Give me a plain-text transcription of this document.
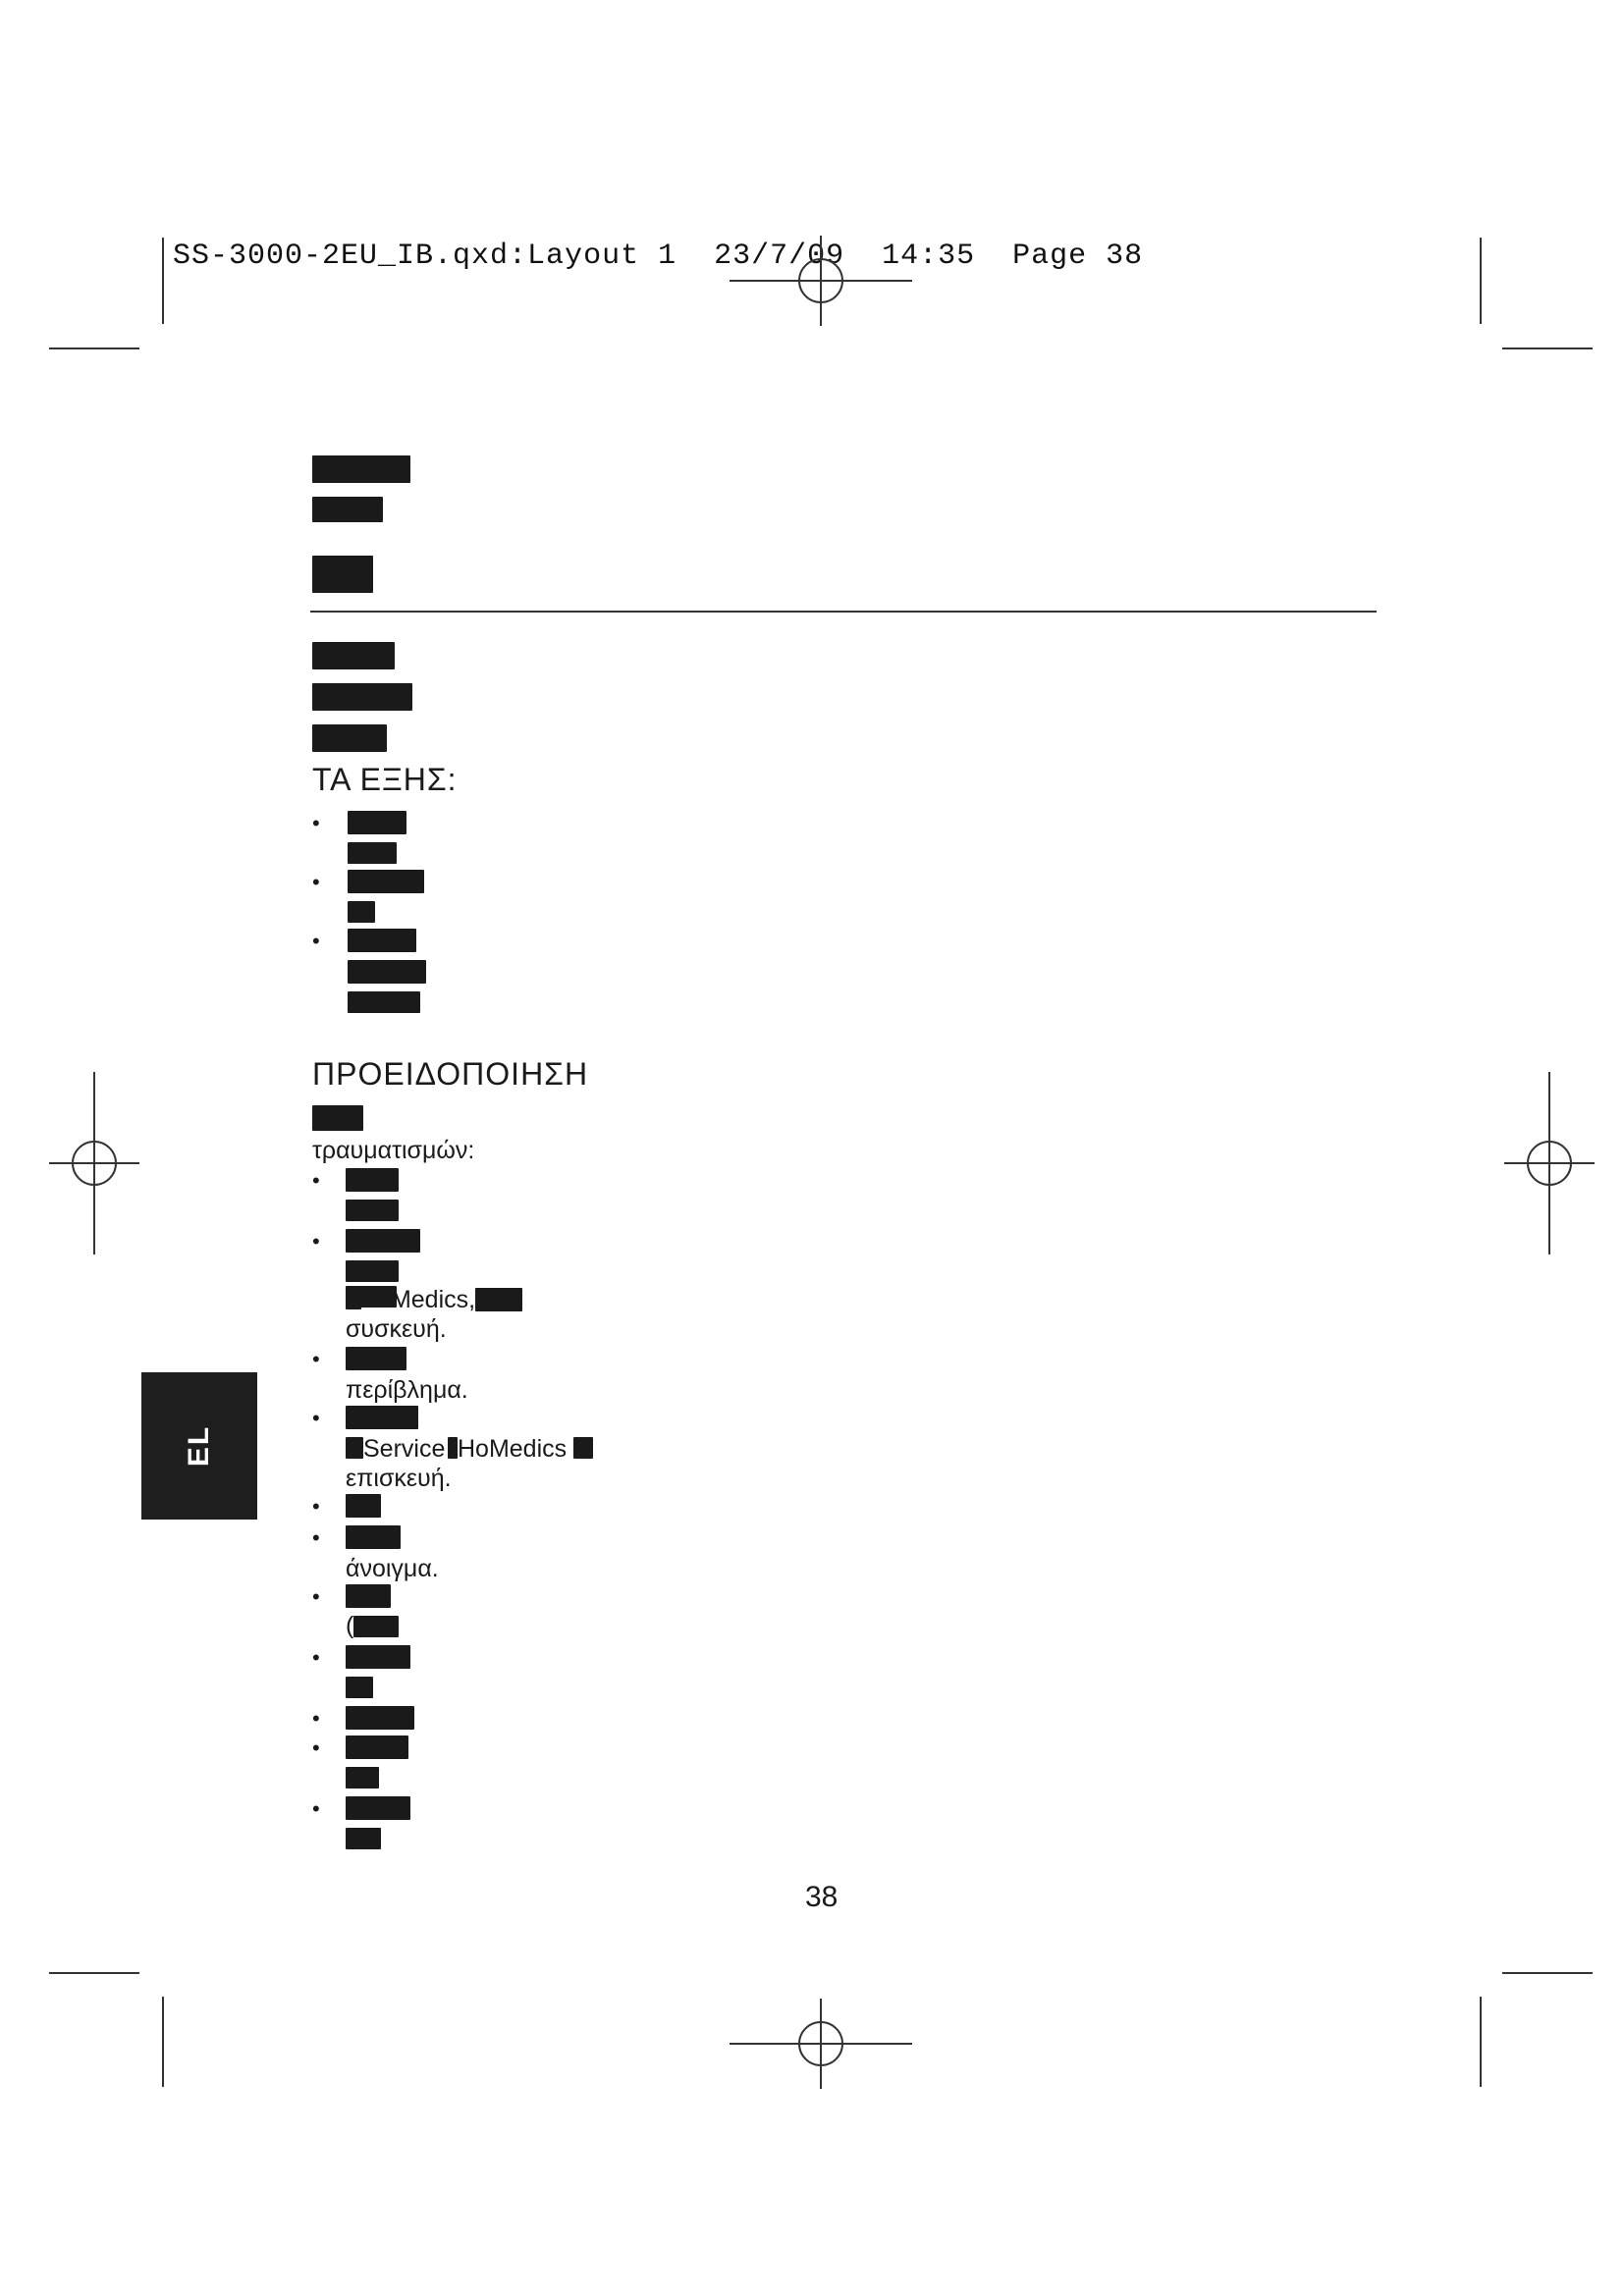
SS-3000-2EU_IB.qxd:Layout 1  23/7/09  14:35  Page 38
ΤΑ ΕΞΗΣ:
•
•
•
ΠΡΟΕΙΔΟΠΟΙΗΣΗ
τραυματισμών:
•
•
HoMedics,
συσκευή.
•
περίβλημα.
•
Service HoMedics
επισκευή.
•
•
άνοιγμα.
•
(
•
•
•
•
EL
38
